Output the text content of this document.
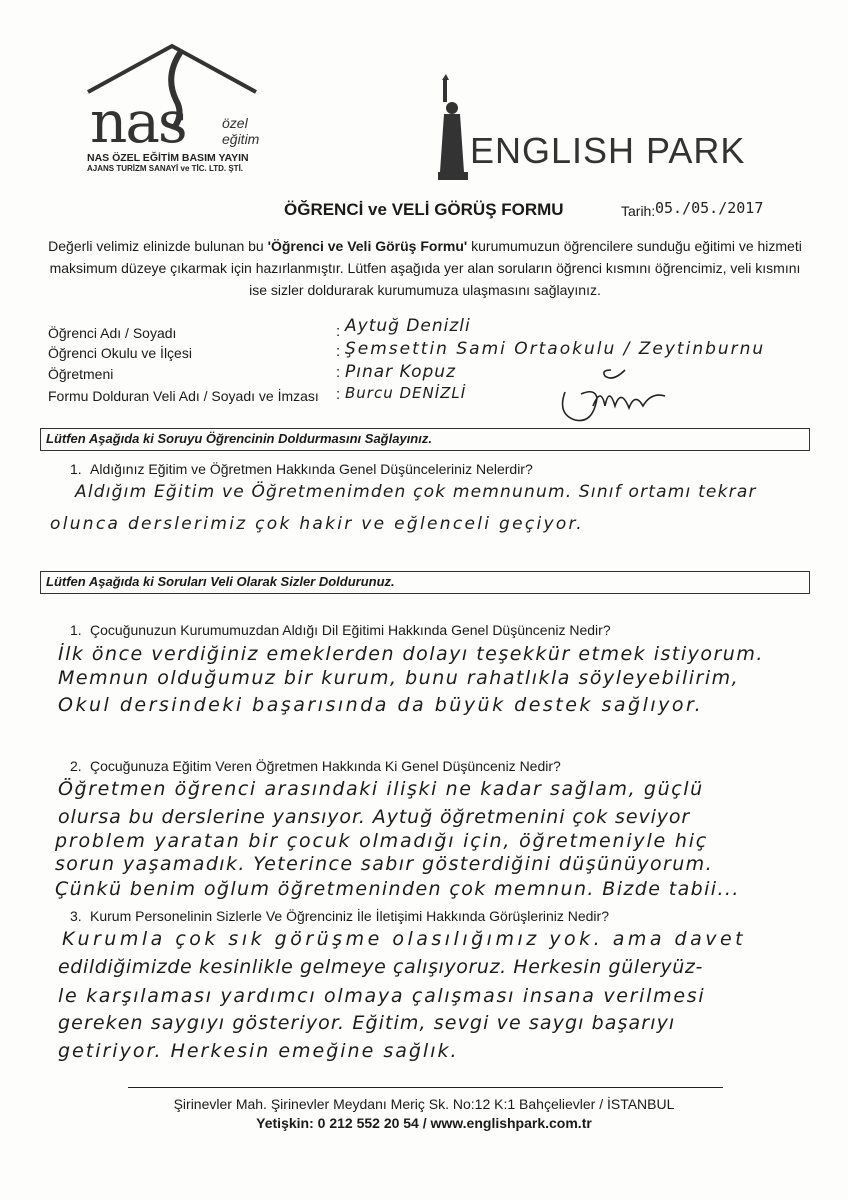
nas	özel
eğitim
NAS ÖZEL EĞİTİM BASIM YAYIN
AJANS TURİZM SANAYİ ve TİC. LTD. ŞTİ.	ENGLISH PARK
ÖĞRENCİ ve VELİ GÖRÜŞ FORMU	Tarih: 05./05./2017
Değerli velimiz elinizde bulunan bu 'Öğrenci ve Veli Görüş Formu' kurumumuzun öğrencilere sunduğu eğitimi ve hizmeti maksimum düzeye çıkarmak için hazırlanmıştır. Lütfen aşağıda yer alan soruların öğrenci kısmını öğrencimiz, veli kısmını ise sizler doldurarak kurumumuza ulaşmasını sağlayınız.
Öğrenci Adı / Soyadı	: Aytuğ Denizli
Öğrenci Okulu ve İlçesi	: Şemsettin Sami Ortaokulu / Zeytinburnu
Öğretmeni	: Pınar Kopuz
Formu Dolduran Veli Adı / Soyadı ve İmzası : Burcu DENİZLİ
Lütfen Aşağıda ki Soruyu Öğrencinin Doldurmasını Sağlayınız.
1. Aldığınız Eğitim ve Öğretmen Hakkında Genel Düşünceleriniz Nelerdir?
Aldığım Eğitim ve Öğretmenimden çok memnunum. Sınıf ortamı tekrar
olunca derslerimiz çok hakir ve eğlenceli geçiyor.
Lütfen Aşağıda ki Soruları Veli Olarak Sizler Doldurunuz.
1. Çocuğunuzun Kurumumuzdan Aldığı Dil Eğitimi Hakkında Genel Düşünceniz Nedir?
İlk önce verdiğiniz emeklerden dolayı teşekkür etmek istiyorum.
Memnun olduğumuz bir kurum, bunu rahatlıkla söyleyebilirim,
Okul dersindeki başarısında da büyük destek sağlıyor.
2. Çocuğunuza Eğitim Veren Öğretmen Hakkında Ki Genel Düşünceniz Nedir?
Öğretmen öğrenci arasındaki ilişki ne kadar sağlam, güçlü
olursa bu derslerine yansıyor. Aytuğ öğretmenini çok seviyor
problem yaratan bir çocuk olmadığı için, öğretmeniyle hiç
sorun yaşamadık. Yeterince sabır gösterdiğini düşünüyorum.
Çünkü benim oğlum öğretmeninden çok memnun. Bizde tabii...
3. Kurum Personelinin Sizlerle Ve Öğrenciniz İle İletişimi Hakkında Görüşleriniz Nedir?
Kurumla çok sık görüşme olasılığımız yok. ama davet
edildiğimizde kesinlikle gelmeye çalışıyoruz. Herkesin güleryüz-
le karşılaması yardımcı olmaya çalışması insana verilmesi
gereken saygıyı gösteriyor. Eğitim, sevgi ve saygı başarıyı
getiriyor. Herkesin emeğine sağlık.
Şirinevler Mah. Şirinevler Meydanı Meriç Sk. No:12 K:1 Bahçelievler / İSTANBUL
Yetişkin: 0 212 552 20 54 / www.englishpark.com.tr
